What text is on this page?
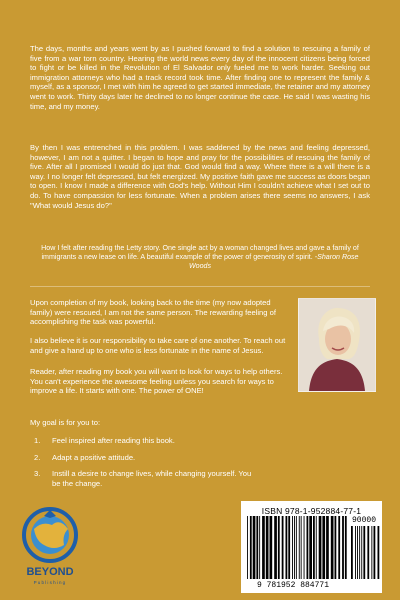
The days, months and years went by as I pushed forward to find a solution to rescuing a family of five from a war torn country. Hearing the world news every day of the innocent citizens being forced to fight or be killed in the Revolution of El Salvador only fueled me to work harder. Seeking out immigration attorneys who had a track record took time. After finding one to represent the family & myself, as a sponsor, I met with him he agreed to get started immediate, the retainer and my attorney went to work. Thirty days later he declined to no longer continue the case. He said I was wasting his time, and my money.

By then I was entrenched in this problem. I was saddened by the news and feeling depressed, however, I am not a quitter. I began to hope and pray for the possibilities of rescuing the family of five. After all I promised I would do just that. God would find a way. Where there is a will there is a way. I no longer felt depressed, but felt energized. My positive faith gave me success as doors began to open. I know I made a difference with God's help. Without Him I couldn't achieve what I set out to do. To have compassion for less fortunate. When a problem arises there seems no answers, I ask "What would Jesus do?"

How I felt after reading the Letty story. One single act by a woman changed lives and gave a family of immigrants a new lease on life. A beautiful example of the power of generosity of spirit. -Sharon Rose Woods

Upon completion of my book, looking back to the time (my now adopted family) were rescued, I am not the same person. The rewarding feeling of accomplishing the task was powerful.

I also believe it is our responsibility to take care of one another. To reach out and give a hand up to one who is less fortunate in the name of Jesus.

Reader, after reading my book you will want to look for ways to help others. You can't experience the awesome feeling unless you search for ways to improve a life. It starts with one. The power of ONE!

My goal is for you to:

1. Feel inspired after reading this book.
2. Adapt a positive attitude.
3. Instill a desire to change lives, while changing yourself. You be the change.
BEYOND
Publishing
ISBN 978-1-952884-77-1
9 781952 884771
90000
